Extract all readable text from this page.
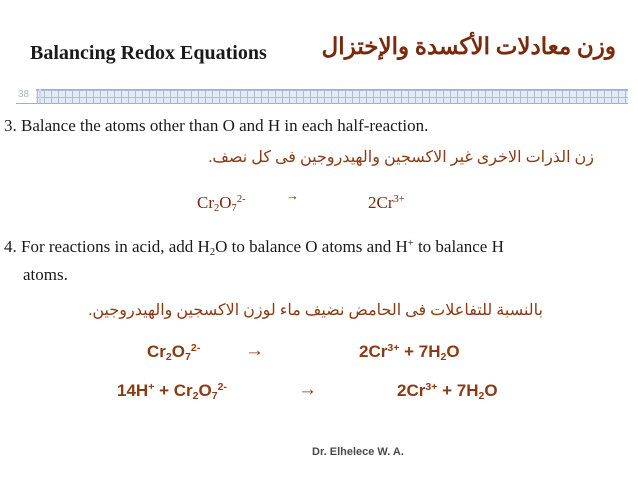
Balancing Redox Equations وزن معادلات الأكسدة والإختزال
38
3. Balance the atoms other than O and H in each half-reaction.
زن الذرات الاخرى غير الاكسجين والهيدروجين فى كل نصف.
$Cr_2O_7^{2-}$	→	$2Cr^{3+}$
4. For reactions in acid, add $H_2O$ to balance O atoms and H+ to balance H
atoms.
بالنسبة للتفاعلات فى الحامض نضيف ماء لوزن الاكسجين والهيدروجين.
$Cr_2O_7^{2-}$ →	$2Cr^{3+} + 7H_2O$
$14H^+ + Cr_2O_7^{2-}$	→	$2Cr^{3+} + 7H_2O$
Dr. Elhelece W. A.
